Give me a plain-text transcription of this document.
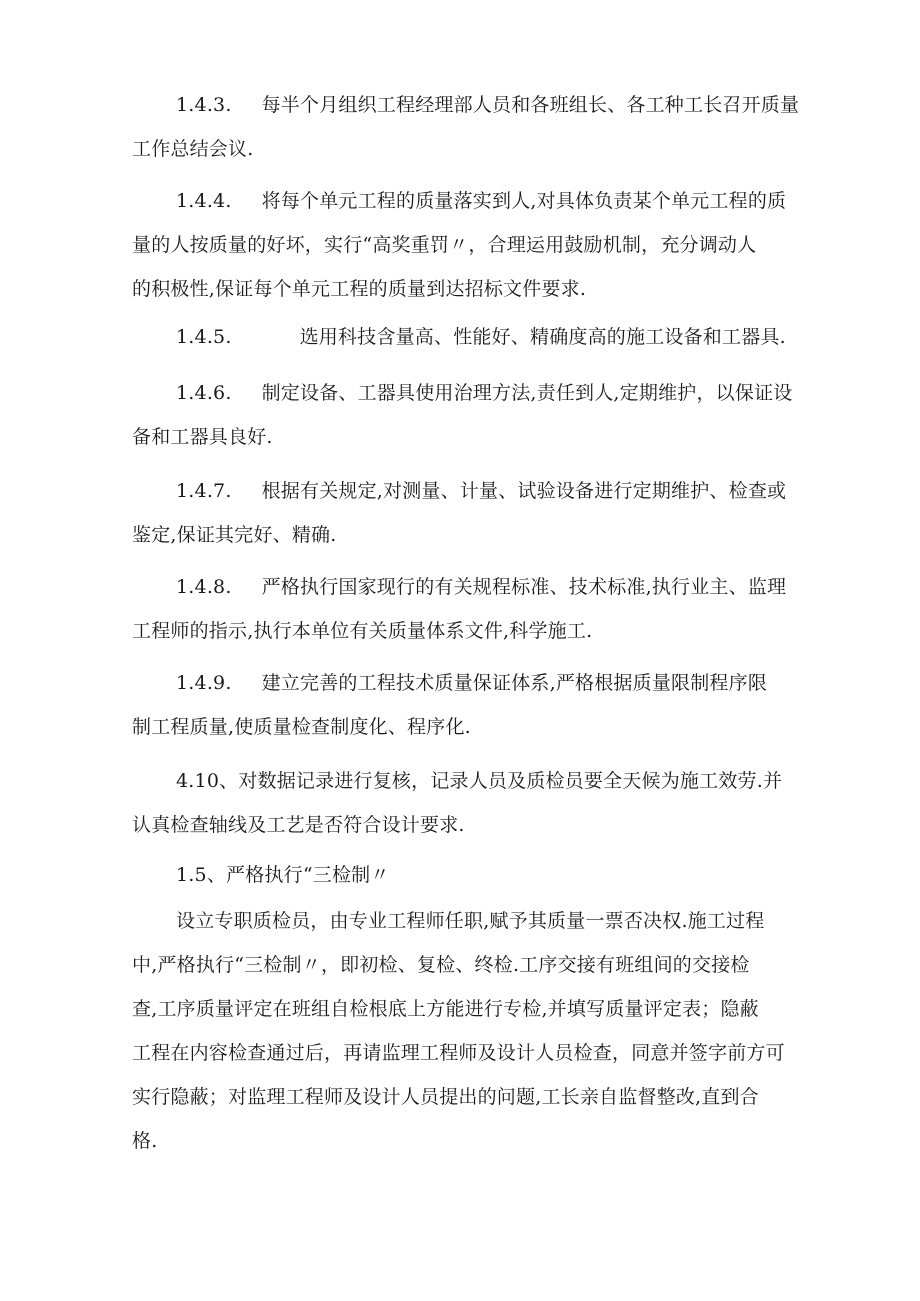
1.4.3. 每半个月组织工程经理部人员和各班组长、各工种工长召开质量
工作总结会议.
1.4.4. 将每个单元工程的质量落实到人,对具体负责某个单元工程的质
量的人按质量的好坏，实行“高奖重罚〃，合理运用鼓励机制，充分调动人
的积极性,保证每个单元工程的质量到达招标文件要求.
1.4.5.	选用科技含量高、性能好、精确度高的施工设备和工器具.
1.4.6. 制定设备、工器具使用治理方法,责任到人,定期维护，以保证设
备和工器具良好.
1.4.7. 根据有关规定,对测量、计量、试验设备进行定期维护、检查或
鉴定,保证其完好、精确.
1.4.8. 严格执行国家现行的有关规程标准、技术标准,执行业主、监理
工程师的指示,执行本单位有关质量体系文件,科学施工.
1.4.9. 建立完善的工程技术质量保证体系,严格根据质量限制程序限
制工程质量,使质量检查制度化、程序化.
4.10、对数据记录进行复核，记录人员及质检员要全天候为施工效劳.并
认真检查轴线及工艺是否符合设计要求.
1.5、严格执行“三检制〃
设立专职质检员，由专业工程师任职,赋予其质量一票否决权.施工过程
中,严格执行“三检制〃，即初检、复检、终检.工序交接有班组间的交接检
查,工序质量评定在班组自检根底上方能进行专检,并填写质量评定表；隐蔽
工程在内容检查通过后，再请监理工程师及设计人员检查，同意并签字前方可
实行隐蔽；对监理工程师及设计人员提出的问题,工长亲自监督整改,直到合
格.
